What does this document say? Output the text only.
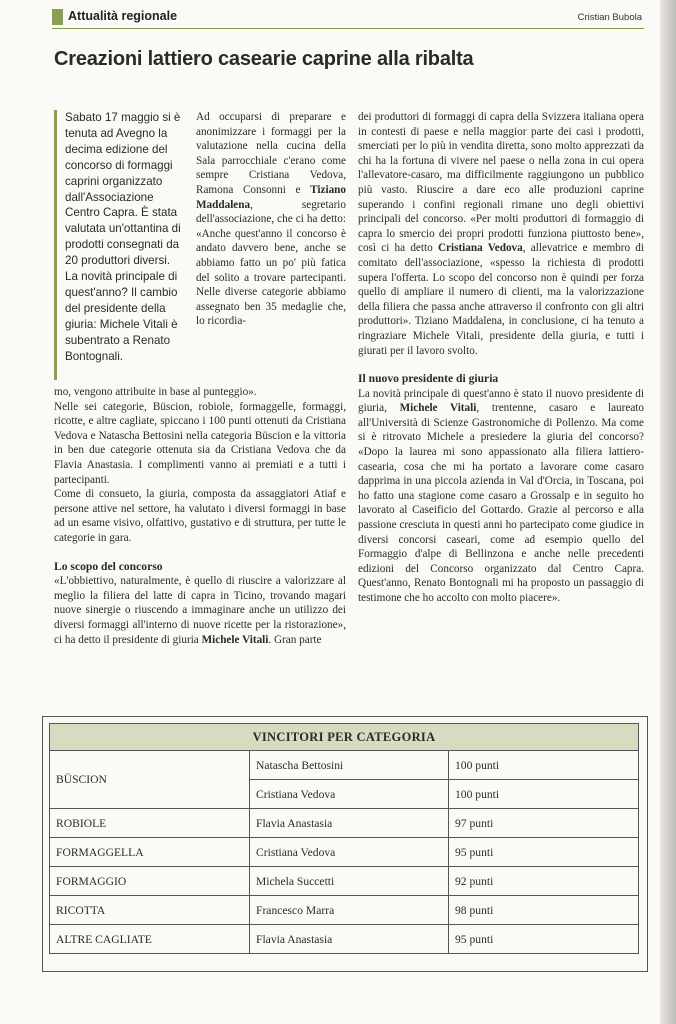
Attualità regionale	Cristian Bubola
Creazioni lattiero casearie caprine alla ribalta

Sabato 17 maggio si è tenuta ad Avegno la decima edizione del concorso di formaggi caprini organizzato dall'Associazione Centro Capra. È stata valutata un'ottantina di prodotti consegnati da 20 produttori diversi. La novità principale di quest'anno? Il cambio del presidente della giuria: Michele Vitali è subentrato a Renato Bontognali.

Ad occuparsi di preparare e anonimizzare i formaggi per la valutazione nella cucina della Sala parrocchiale c'erano come sempre Cristiana Vedova, Ramona Consonni e Tiziano Maddalena, segretario dell'associazione, che ci ha detto: «Anche quest'anno il concorso è andato davvero bene, anche se abbiamo fatto un po' più fatica del solito a trovare partecipanti. Nelle diverse categorie abbiamo assegnato ben 35 medaglie che, lo ricordia-

mo, vengono attribuite in base al punteggio».

Nelle sei categorie, Büscion, robiole, formaggelle, formaggi, ricotte, e altre cagliate, spiccano i 100 punti ottenuti da Cristiana Vedova e Natascha Bettosini nella categoria Büscion e la vittoria in ben due categorie ottenuta sia da Cristiana Vedova che da Flavia Anastasia. I complimenti vanno ai premiati e a tutti i partecipanti.

Come di consueto, la giuria, composta da assaggiatori Atiaf e persone attive nel settore, ha valutato i diversi formaggi in base ad un esame visivo, olfattivo, gustativo e di struttura, per tutte le categorie in gara.

Lo scopo del concorso

«L'obbiettivo, naturalmente, è quello di riuscire a valorizzare al meglio la filiera del latte di capra in Ticino, trovando magari nuove sinergie o riuscendo a immaginare anche un utilizzo dei diversi formaggi all'interno di nuove ricette per la ristorazione», ci ha detto il presidente di giuria Michele Vitali. Gran parte

dei produttori di formaggi di capra della Svizzera italiana opera in contesti di paese e nella maggior parte dei casi i prodotti, smerciati per lo più in vendita diretta, sono molto apprezzati da chi ha la fortuna di vivere nel paese o nella zona in cui opera l'allevatore-casaro, ma difficilmente raggiungono un pubblico più vasto. Riuscire a dare eco alle produzioni caprine superando i confini regionali rimane uno degli obiettivi principali del concorso. «Per molti produttori di formaggio di capra lo smercio dei propri prodotti funziona piuttosto bene», così ci ha detto Cristiana Vedova, allevatrice e membro di comitato dell'associazione, «spesso la richiesta di prodotti supera l'offerta. Lo scopo del concorso non è quindi per forza quello di ampliare il numero di clienti, ma la valorizzazione della filiera che passa anche attraverso il confronto con gli altri produttori». Tiziano Maddalena, in conclusione, ci ha tenuto a ringraziare Michele Vitali, presidente della giuria, e tutti i giurati per il lavoro svolto.

Il nuovo presidente di giuria

La novità principale di quest'anno è stato il nuovo presidente di giuria, Michele Vitali, trentenne, casaro e laureato all'Università di Scienze Gastronomiche di Pollenzo. Ma come si è ritrovato Michele a presiedere la giuria del concorso? «Dopo la laurea mi sono appassionato alla filiera lattiero-casearia, cosa che mi ha portato a lavorare come casaro dapprima in una piccola azienda in Val d'Orcia, in Toscana, poi ho fatto una stagione come casaro a Grossalp e in seguito ho lavorato al Caseificio del Gottardo. Grazie al percorso e alla passione cresciuta in questi anni ho partecipato come giudice in diversi concorsi caseari, come ad esempio quello del Formaggio d'alpe di Bellinzona e anche nelle precedenti edizioni del Concorso organizzato dal Centro Capra. Quest'anno, Renato Bontognali mi ha proposto un passaggio di testimone che ho accolto con molto piacere».

VINCITORI PER CATEGORIA		
BÜSCION	Natascha Bettosini	100 punti
	Cristiana Vedova	100 punti
ROBIOLE	Flavia Anastasia	97 punti
FORMAGGELLA	Cristiana Vedova	95 punti
FORMAGGIO	Michela Succetti	92 punti
RICOTTA	Francesco Marra	98 punti
ALTRE CAGLIATE	Flavia Anastasia	95 punti
